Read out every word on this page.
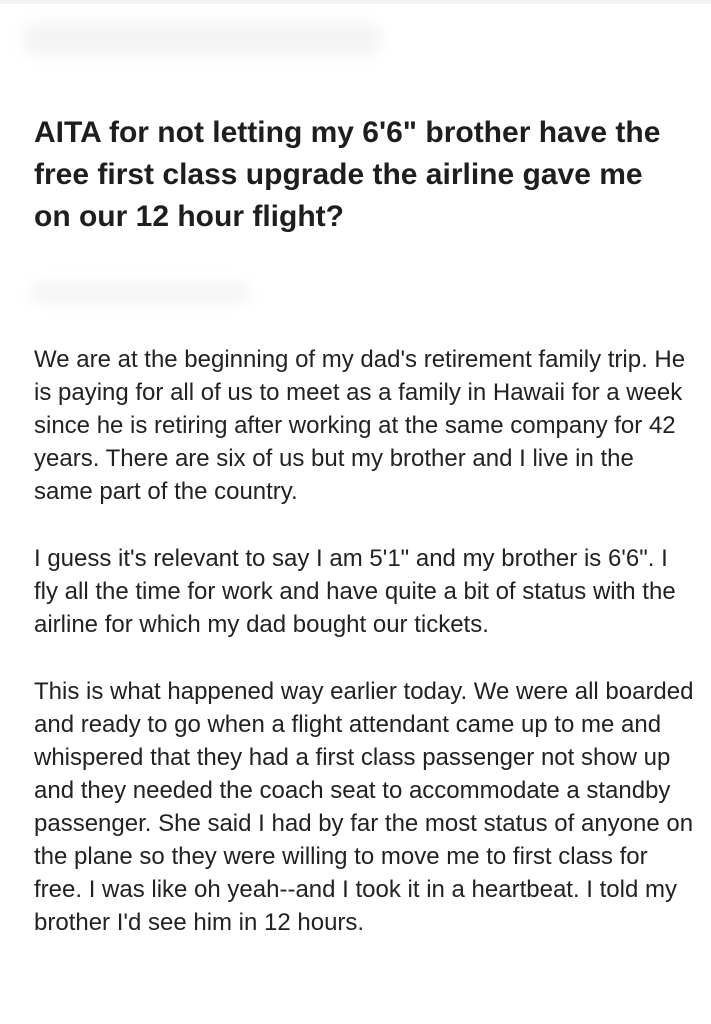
AITA for not letting my 6'6" brother have the free first class upgrade the airline gave me on our 12 hour flight?

We are at the beginning of my dad's retirement family trip. He is paying for all of us to meet as a family in Hawaii for a week since he is retiring after working at the same company for 42 years. There are six of us but my brother and I live in the same part of the country.

I guess it's relevant to say I am 5'1" and my brother is 6'6". I fly all the time for work and have quite a bit of status with the airline for which my dad bought our tickets.

This is what happened way earlier today. We were all boarded and ready to go when a flight attendant came up to me and whispered that they had a first class passenger not show up and they needed the coach seat to accommodate a standby passenger. She said I had by far the most status of anyone on the plane so they were willing to move me to first class for free. I was like oh yeah--and I took it in a heartbeat. I told my brother I'd see him in 12 hours.
